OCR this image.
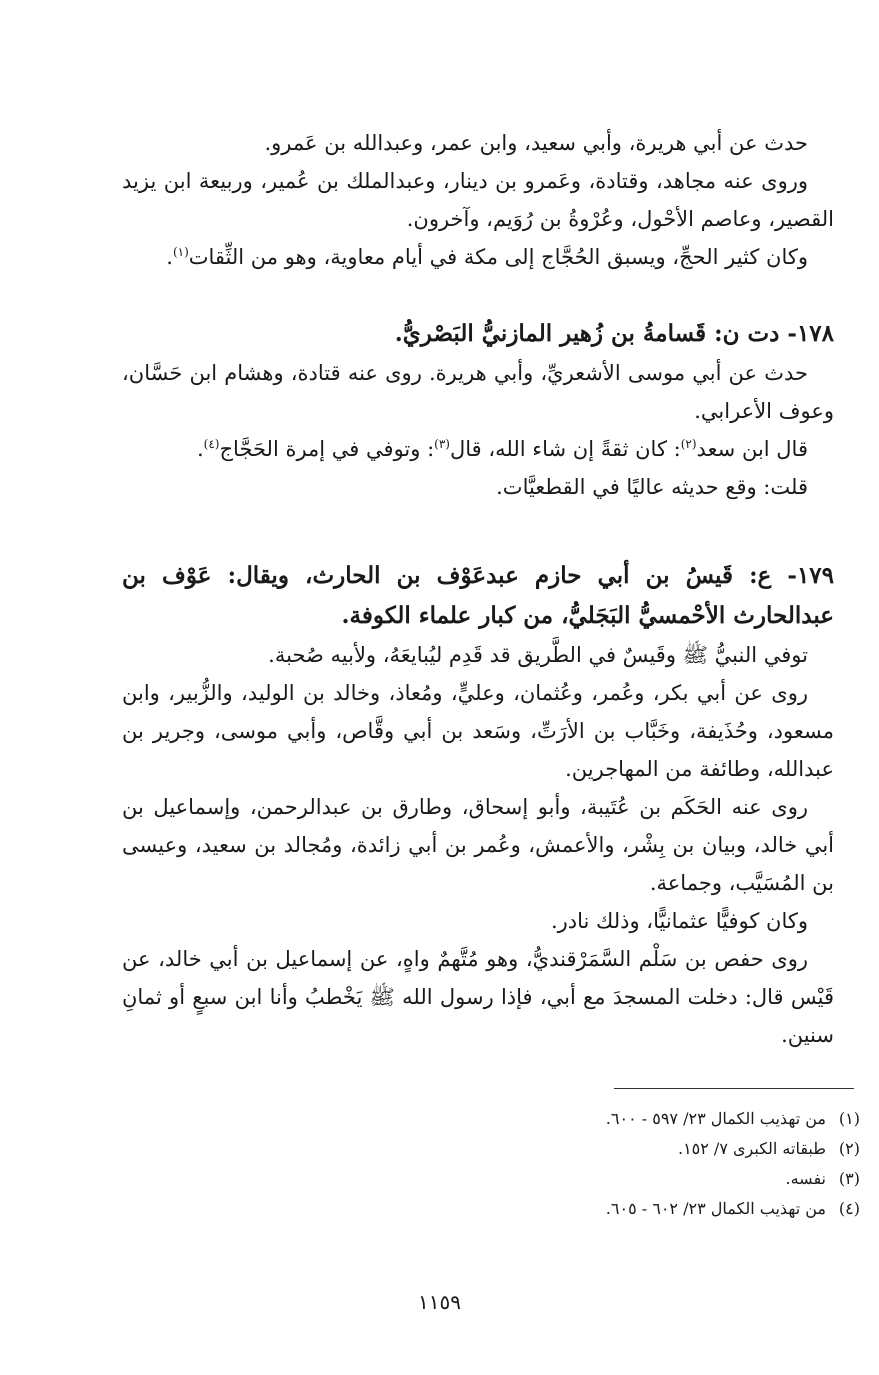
حدث عن أبي هريرة، وأبي سعيد، وابن عمر، وعبدالله بن عَمرو.

وروى عنه مجاهد، وقتادة، وعَمرو بن دينار، وعبدالملك بن عُمير، وربيعة ابن يزيد القصير، وعاصم الأحْول، وعُرْوةُ بن رُوَيم، وآخرون.

وكان كثير الحجِّ، ويسبق الحُجَّاج إلى مكة في أيام معاوية، وهو من الثِّقات$^{(١)}$.

١٧٨- دت ن: قَسامةُ بن زُهير المازنيُّ البَصْريُّ.

حدث عن أبي موسى الأشعريِّ، وأبي هريرة. روى عنه قتادة، وهشام ابن حَسَّان، وعوف الأعرابي.

قال ابن سعد$^{(٢)}$: كان ثقةً إن شاء الله، قال$^{(٣)}$: وتوفي في إمرة الحَجَّاج$^{(٤)}$.

قلت: وقع حديثه عاليًا في القطعيَّات.

١٧٩- ع: قَيسُ بن أبي حازم عبدعَوْف بن الحارث، ويقال: عَوْف بن عبدالحارث الأحْمسيُّ البَجَليُّ، من كبار علماء الكوفة.

توفي النبيُّ ﷺ وقَيسٌ في الطَّريق قد قَدِم ليُبايعَهُ، ولأبيه صُحبة.

روى عن أبي بكر، وعُمر، وعُثمان، وعليٍّ، ومُعاذ، وخالد بن الوليد، والزُّبير، وابن مسعود، وحُذَيفة، وخَبَّاب بن الأرَتِّ، وسَعد بن أبي وقَّاص، وأبي موسى، وجرير بن عبدالله، وطائفة من المهاجرين.

روى عنه الحَكَم بن عُتَيبة، وأبو إسحاق، وطارق بن عبدالرحمن، وإسماعيل بن أبي خالد، وبيان بن بِشْر، والأعمش، وعُمر بن أبي زائدة، ومُجالد بن سعيد، وعيسى بن المُسَيَّب، وجماعة.

وكان كوفيًّا عثمانيًّا، وذلك نادر.

روى حفص بن سَلْم السَّمَرْقنديُّ، وهو مُتَّهمٌ واهٍ، عن إسماعيل بن أبي خالد، عن قَيْس قال: دخلت المسجدَ مع أبي، فإذا رسول الله ﷺ يَخْطبُ وأنا ابن سبعٍ أو ثمانِ سنين.

(١)من تهذيب الكمال ٢٣/ ٥٩٧ - ٦٠٠.

(٢)طبقاته الكبرى ٧/ ١٥٢.

(٣)نفسه.

(٤)من تهذيب الكمال ٢٣/ ٦٠٢ - ٦٠٥.

١١٥٩
